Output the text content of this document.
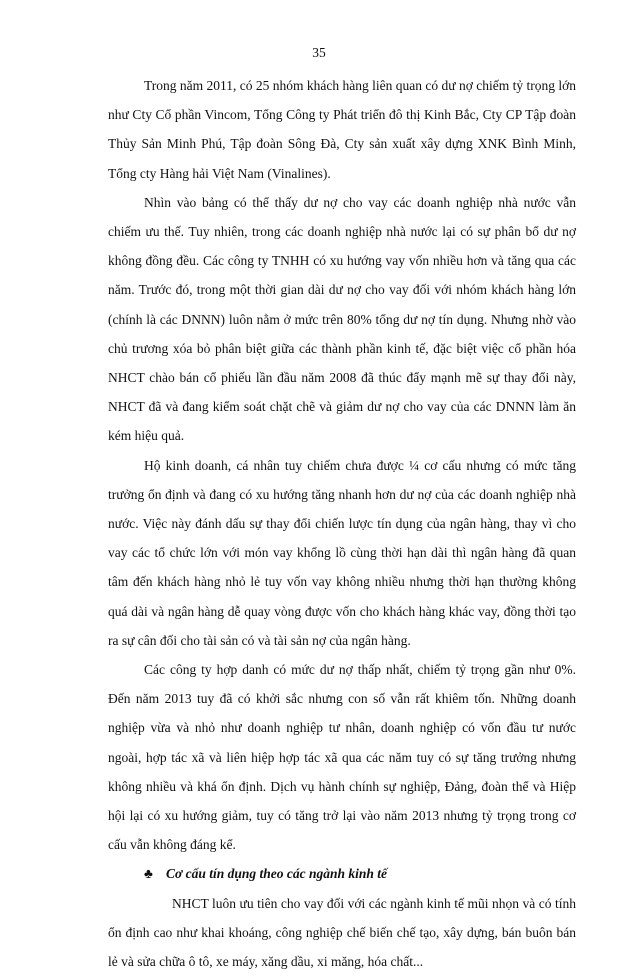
35

Trong năm 2011, có 25 nhóm khách hàng liên quan có dư nợ chiếm tỷ trọng lớn như Cty Cổ phần Vincom, Tổng Công ty Phát triển đô thị Kinh Bắc, Cty CP Tập đoàn Thủy Sản Minh Phú, Tập đoàn Sông Đà, Cty sản xuất xây dựng XNK Bình Minh, Tổng cty Hàng hải Việt Nam (Vinalines).

Nhìn vào bảng có thể thấy dư nợ cho vay các doanh nghiệp nhà nước vẫn chiếm ưu thế. Tuy nhiên, trong các doanh nghiệp nhà nước lại có sự phân bổ dư nợ không đồng đều. Các công ty TNHH có xu hướng vay vốn nhiều hơn và tăng qua các năm. Trước đó, trong một thời gian dài dư nợ cho vay đối với nhóm khách hàng lớn (chính là các DNNN) luôn nằm ở mức trên 80% tổng dư nợ tín dụng. Nhưng nhờ vào chủ trương xóa bỏ phân biệt giữa các thành phần kinh tế, đặc biệt việc cổ phần hóa NHCT chào bán cổ phiếu lần đầu năm 2008 đã thúc đẩy mạnh mẽ sự thay đổi này, NHCT đã và đang kiểm soát chặt chẽ và giảm dư nợ cho vay của các DNNN làm ăn kém hiệu quả.

Hộ kinh doanh, cá nhân tuy chiếm chưa được ¼ cơ cấu nhưng có mức tăng trưởng ổn định và đang có xu hướng tăng nhanh hơn dư nợ của các doanh nghiệp nhà nước. Việc này đánh dấu sự thay đổi chiến lược tín dụng của ngân hàng, thay vì cho vay các tổ chức lớn với món vay khổng lồ cùng thời hạn dài thì ngân hàng đã quan tâm đến khách hàng nhỏ lẻ tuy vốn vay không nhiều nhưng thời hạn thường không quá dài và ngân hàng dễ quay vòng được vốn cho khách hàng khác vay, đồng thời tạo ra sự cân đối cho tài sản có và tài sản nợ của ngân hàng.

Các công ty hợp danh có mức dư nợ thấp nhất, chiếm tỷ trọng gần như 0%. Đến năm 2013 tuy đã có khởi sắc nhưng con số vẫn rất khiêm tốn. Những doanh nghiệp vừa và nhỏ như doanh nghiệp tư nhân, doanh nghiệp có vốn đầu tư nước ngoài, hợp tác xã và liên hiệp hợp tác xã qua các năm tuy có sự tăng trưởng nhưng không nhiều và khá ổn định. Dịch vụ hành chính sự nghiệp, Đảng, đoàn thể và Hiệp hội lại có xu hướng giảm, tuy có tăng trở lại vào năm 2013 nhưng tỷ trọng trong cơ cấu vẫn không đáng kể.

♣ Cơ cấu tín dụng theo các ngành kinh tế

NHCT luôn ưu tiên cho vay đối với các ngành kinh tế mũi nhọn và có tính ổn định cao như khai khoáng, công nghiệp chế biến chế tạo, xây dựng, bán buôn bán lẻ và sửa chữa ô tô, xe máy, xăng dầu, xi măng, hóa chất...
